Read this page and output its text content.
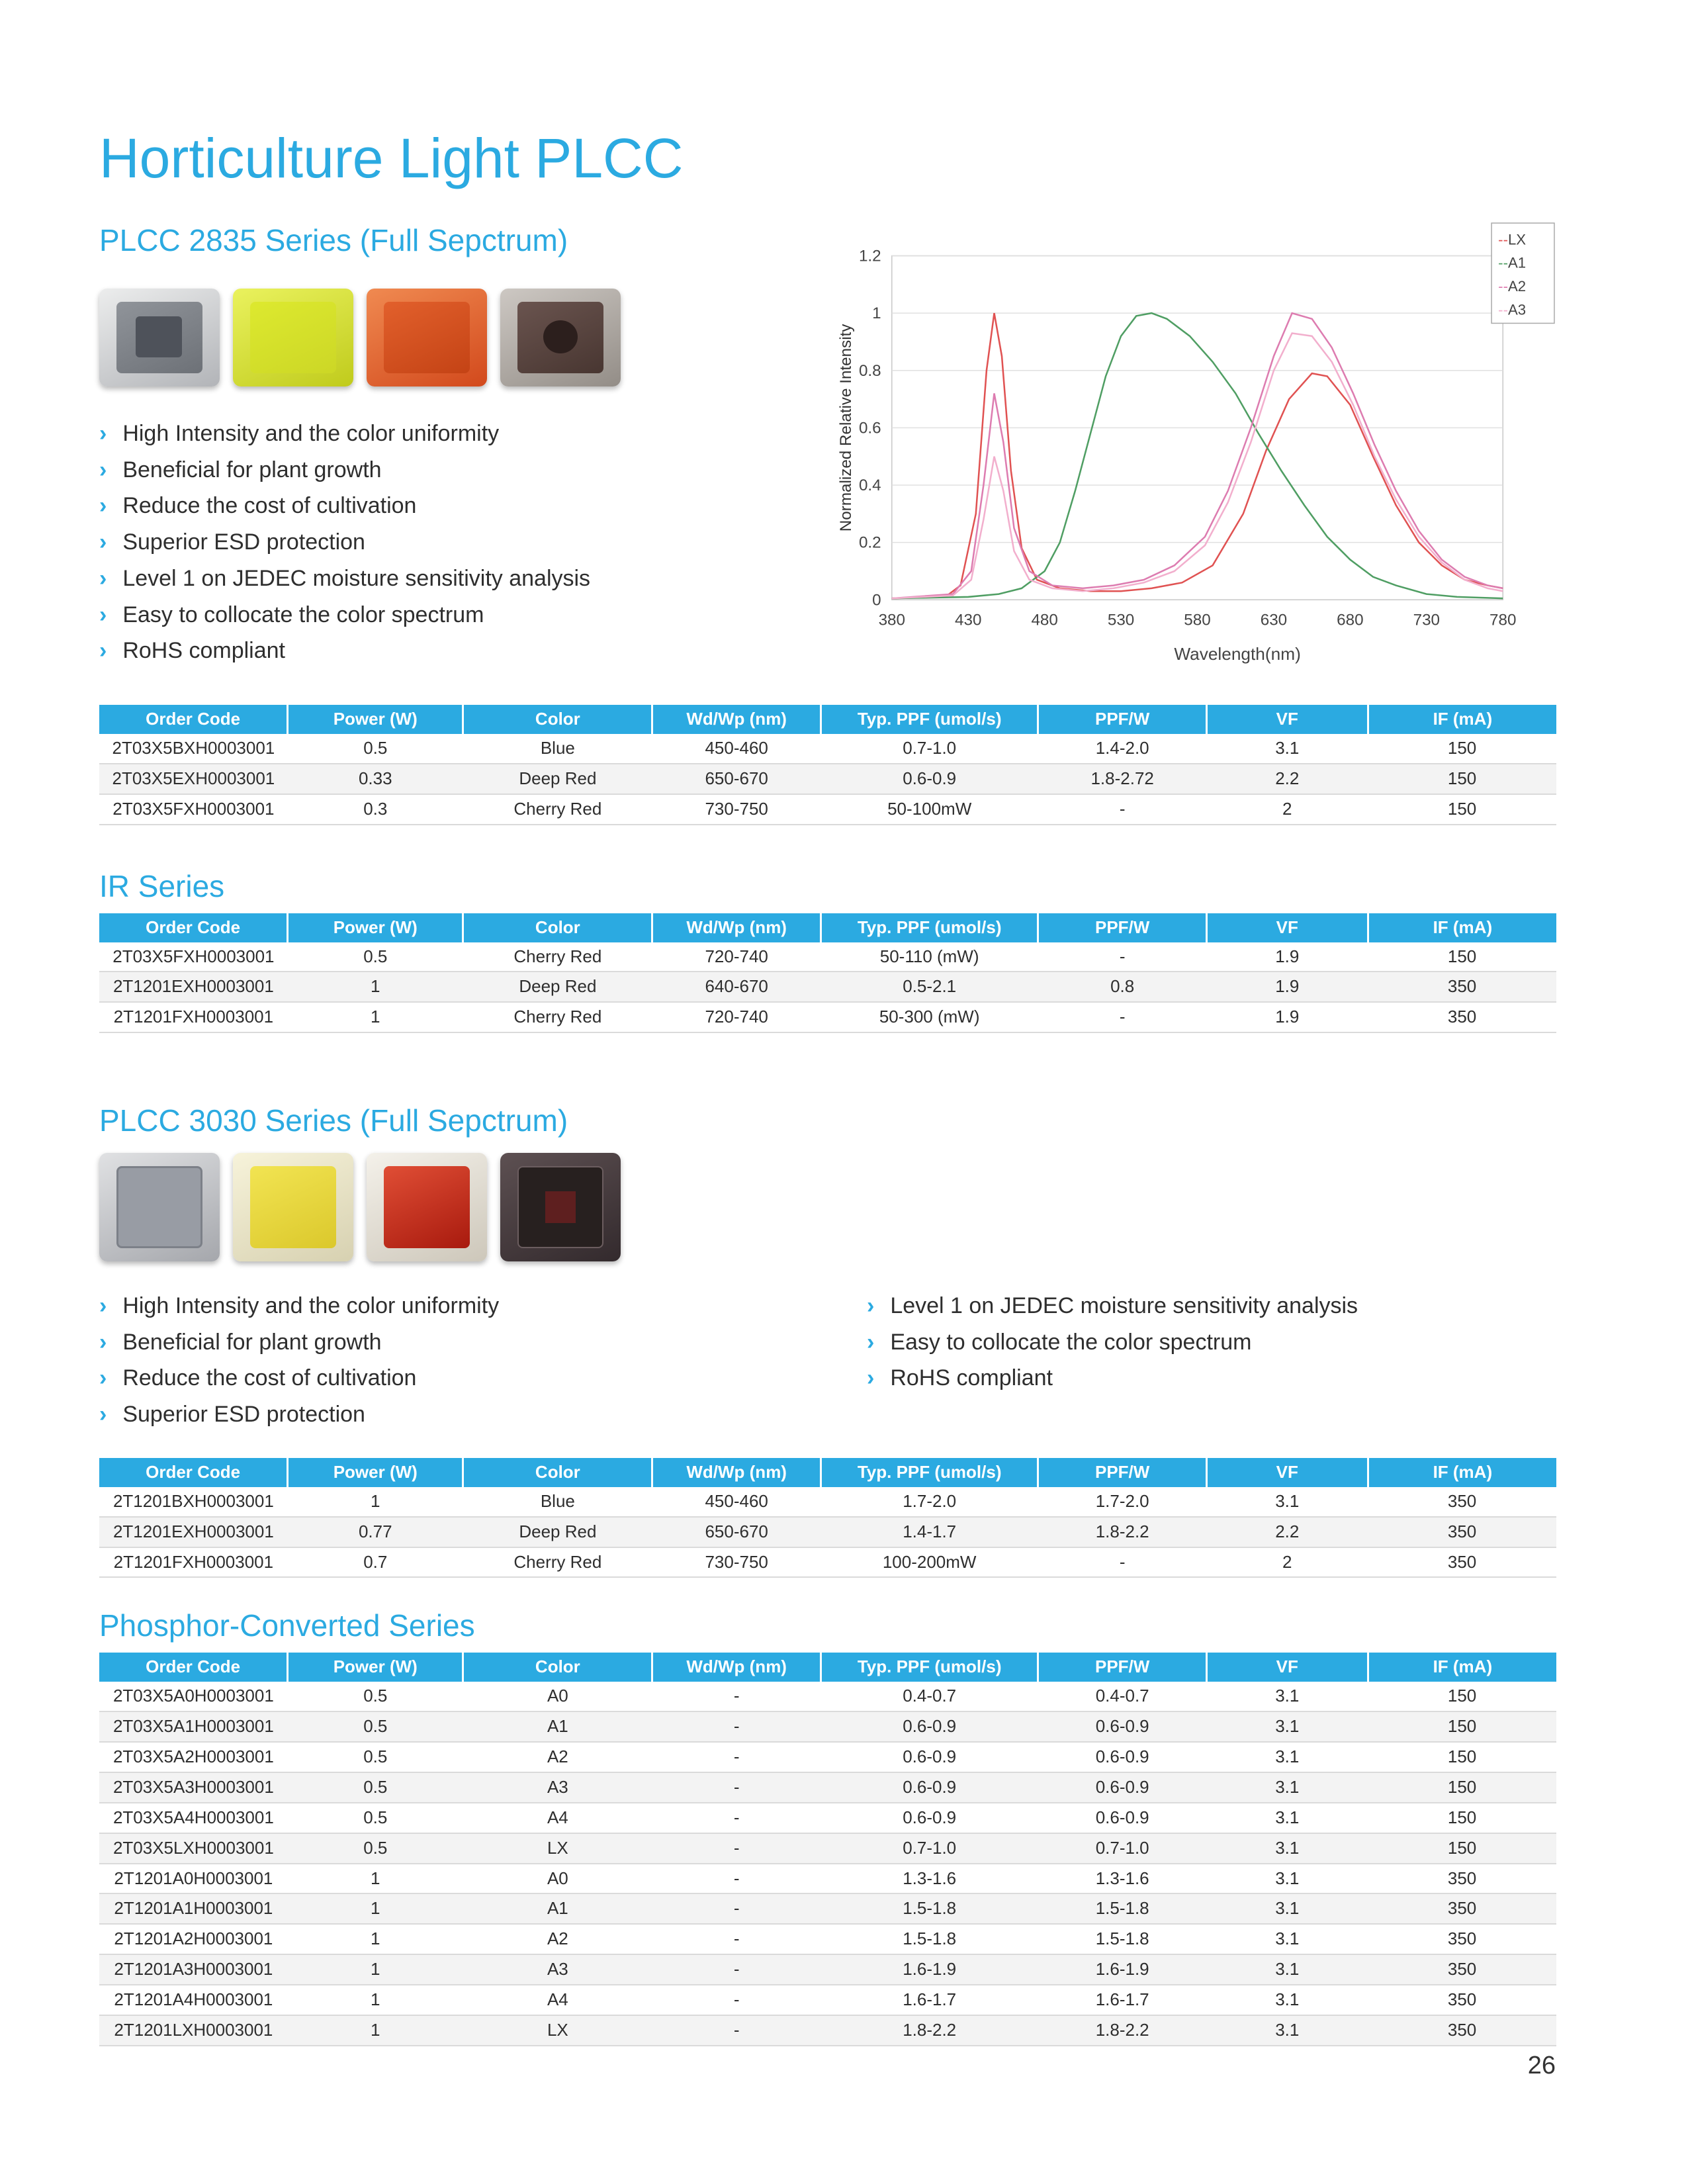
Horticulture Light PLCC
PLCC 2835 Series (Full Sepctrum)
› High Intensity and the color uniformity
› Beneficial for plant growth
› Reduce the cost of cultivation
› Superior ESD protection
› Level 1 on JEDEC moisture sensitivity analysis
› Easy to collocate the color spectrum
› RoHS compliant
0
0.2
0.4
0.6
0.8
1
1.2
380	430	480	530	580	630	680	730	780
Normalized Relative Intensity
Wavelength(nm)
--LX
--A1
--A2
--A3
Order Code	Power (W)	Color	Wd/Wp (nm)	Typ. PPF (umol/s)	PPF/W	VF	IF (mA)
2T03X5BXH0003001	0.5	Blue	450-460	0.7-1.0	1.4-2.0	3.1	150
2T03X5EXH0003001	0.33	Deep Red	650-670	0.6-0.9	1.8-2.72	2.2	150
2T03X5FXH0003001	0.3	Cherry Red	730-750	50-100mW	-	2	150
IR Series
Order Code	Power (W)	Color	Wd/Wp (nm)	Typ. PPF (umol/s)	PPF/W	VF	IF (mA)
2T03X5FXH0003001	0.5	Cherry Red	720-740	50-110 (mW)	-	1.9	150
2T1201EXH0003001	1	Deep Red	640-670	0.5-2.1	0.8	1.9	350
2T1201FXH0003001	1	Cherry Red	720-740	50-300 (mW)	-	1.9	350
PLCC 3030 Series (Full Sepctrum)
› High Intensity and the color uniformity
› Beneficial for plant growth
› Reduce the cost of cultivation
› Superior ESD protection
› Level 1 on JEDEC moisture sensitivity analysis
› Easy to collocate the color spectrum
› RoHS compliant
Order Code	Power (W)	Color	Wd/Wp (nm)	Typ. PPF (umol/s)	PPF/W	VF	IF (mA)
2T1201BXH0003001	1	Blue	450-460	1.7-2.0	1.7-2.0	3.1	350
2T1201EXH0003001	0.77	Deep Red	650-670	1.4-1.7	1.8-2.2	2.2	350
2T1201FXH0003001	0.7	Cherry Red	730-750	100-200mW	-	2	350
Phosphor-Converted Series
Order Code	Power (W)	Color	Wd/Wp (nm)	Typ. PPF (umol/s)	PPF/W	VF	IF (mA)
2T03X5A0H0003001	0.5	A0	-	0.4-0.7	0.4-0.7	3.1	150
2T03X5A1H0003001	0.5	A1	-	0.6-0.9	0.6-0.9	3.1	150
2T03X5A2H0003001	0.5	A2	-	0.6-0.9	0.6-0.9	3.1	150
2T03X5A3H0003001	0.5	A3	-	0.6-0.9	0.6-0.9	3.1	150
2T03X5A4H0003001	0.5	A4	-	0.6-0.9	0.6-0.9	3.1	150
2T03X5LXH0003001	0.5	LX	-	0.7-1.0	0.7-1.0	3.1	150
2T1201A0H0003001	1	A0	-	1.3-1.6	1.3-1.6	3.1	350
2T1201A1H0003001	1	A1	-	1.5-1.8	1.5-1.8	3.1	350
2T1201A2H0003001	1	A2	-	1.5-1.8	1.5-1.8	3.1	350
2T1201A3H0003001	1	A3	-	1.6-1.9	1.6-1.9	3.1	350
2T1201A4H0003001	1	A4	-	1.6-1.7	1.6-1.7	3.1	350
2T1201LXH0003001	1	LX	-	1.8-2.2	1.8-2.2	3.1	350
26
